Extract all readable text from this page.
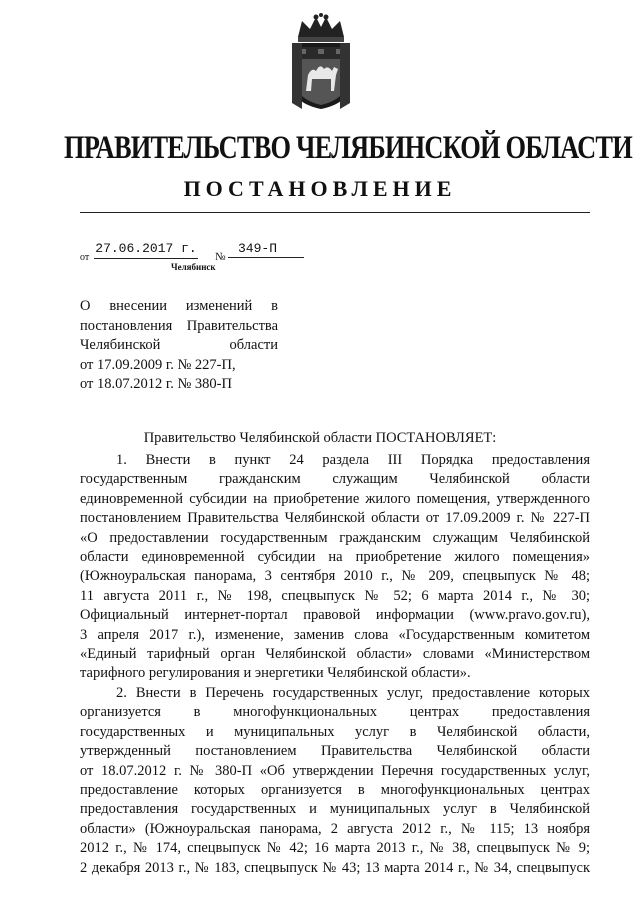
ПРАВИТЕЛЬСТВО ЧЕЛЯБИНСКОЙ ОБЛАСТИ
ПОСТАНОВЛЕНИЕ
от
27.06.2017 г.
№
349-П
Челябинск
О внесении изменений в
постановления Правительства
Челябинской области
от 17.09.2009 г. № 227-П,
от 18.07.2012 г. № 380-П
Правительство Челябинской области ПОСТАНОВЛЯЕТ:
1. Внести в пункт 24 раздела III Порядка предоставления
государственным гражданским служащим Челябинской области
единовременной субсидии на приобретение жилого помещения, утвержденного
постановлением Правительства Челябинской области от 17.09.2009 г. № 227-П
«О предоставлении государственным гражданским служащим Челябинской
области единовременной субсидии на приобретение жилого помещения»
(Южноуральская панорама, 3 сентября 2010 г., № 209, спецвыпуск № 48;
11 августа 2011 г., № 198, спецвыпуск № 52; 6 марта 2014 г., № 30;
Официальный интернет-портал правовой информации (www.pravo.gov.ru),
3 апреля 2017 г.), изменение, заменив слова «Государственным комитетом
«Единый тарифный орган Челябинской области» словами «Министерством
тарифного регулирования и энергетики Челябинской области».
2. Внести в Перечень государственных услуг, предоставление которых
организуется в многофункциональных центрах предоставления
государственных и муниципальных услуг в Челябинской области,
утвержденный постановлением Правительства Челябинской области
от 18.07.2012 г. № 380-П «Об утверждении Перечня государственных услуг,
предоставление которых организуется в многофункциональных центрах
предоставления государственных и муниципальных услуг в Челябинской
области» (Южноуральская панорама, 2 августа 2012 г., № 115; 13 ноября
2012 г., № 174, спецвыпуск № 42; 16 марта 2013 г., № 38, спецвыпуск № 9;
2 декабря 2013 г., № 183, спецвыпуск № 43; 13 марта 2014 г., № 34, спецвыпуск
